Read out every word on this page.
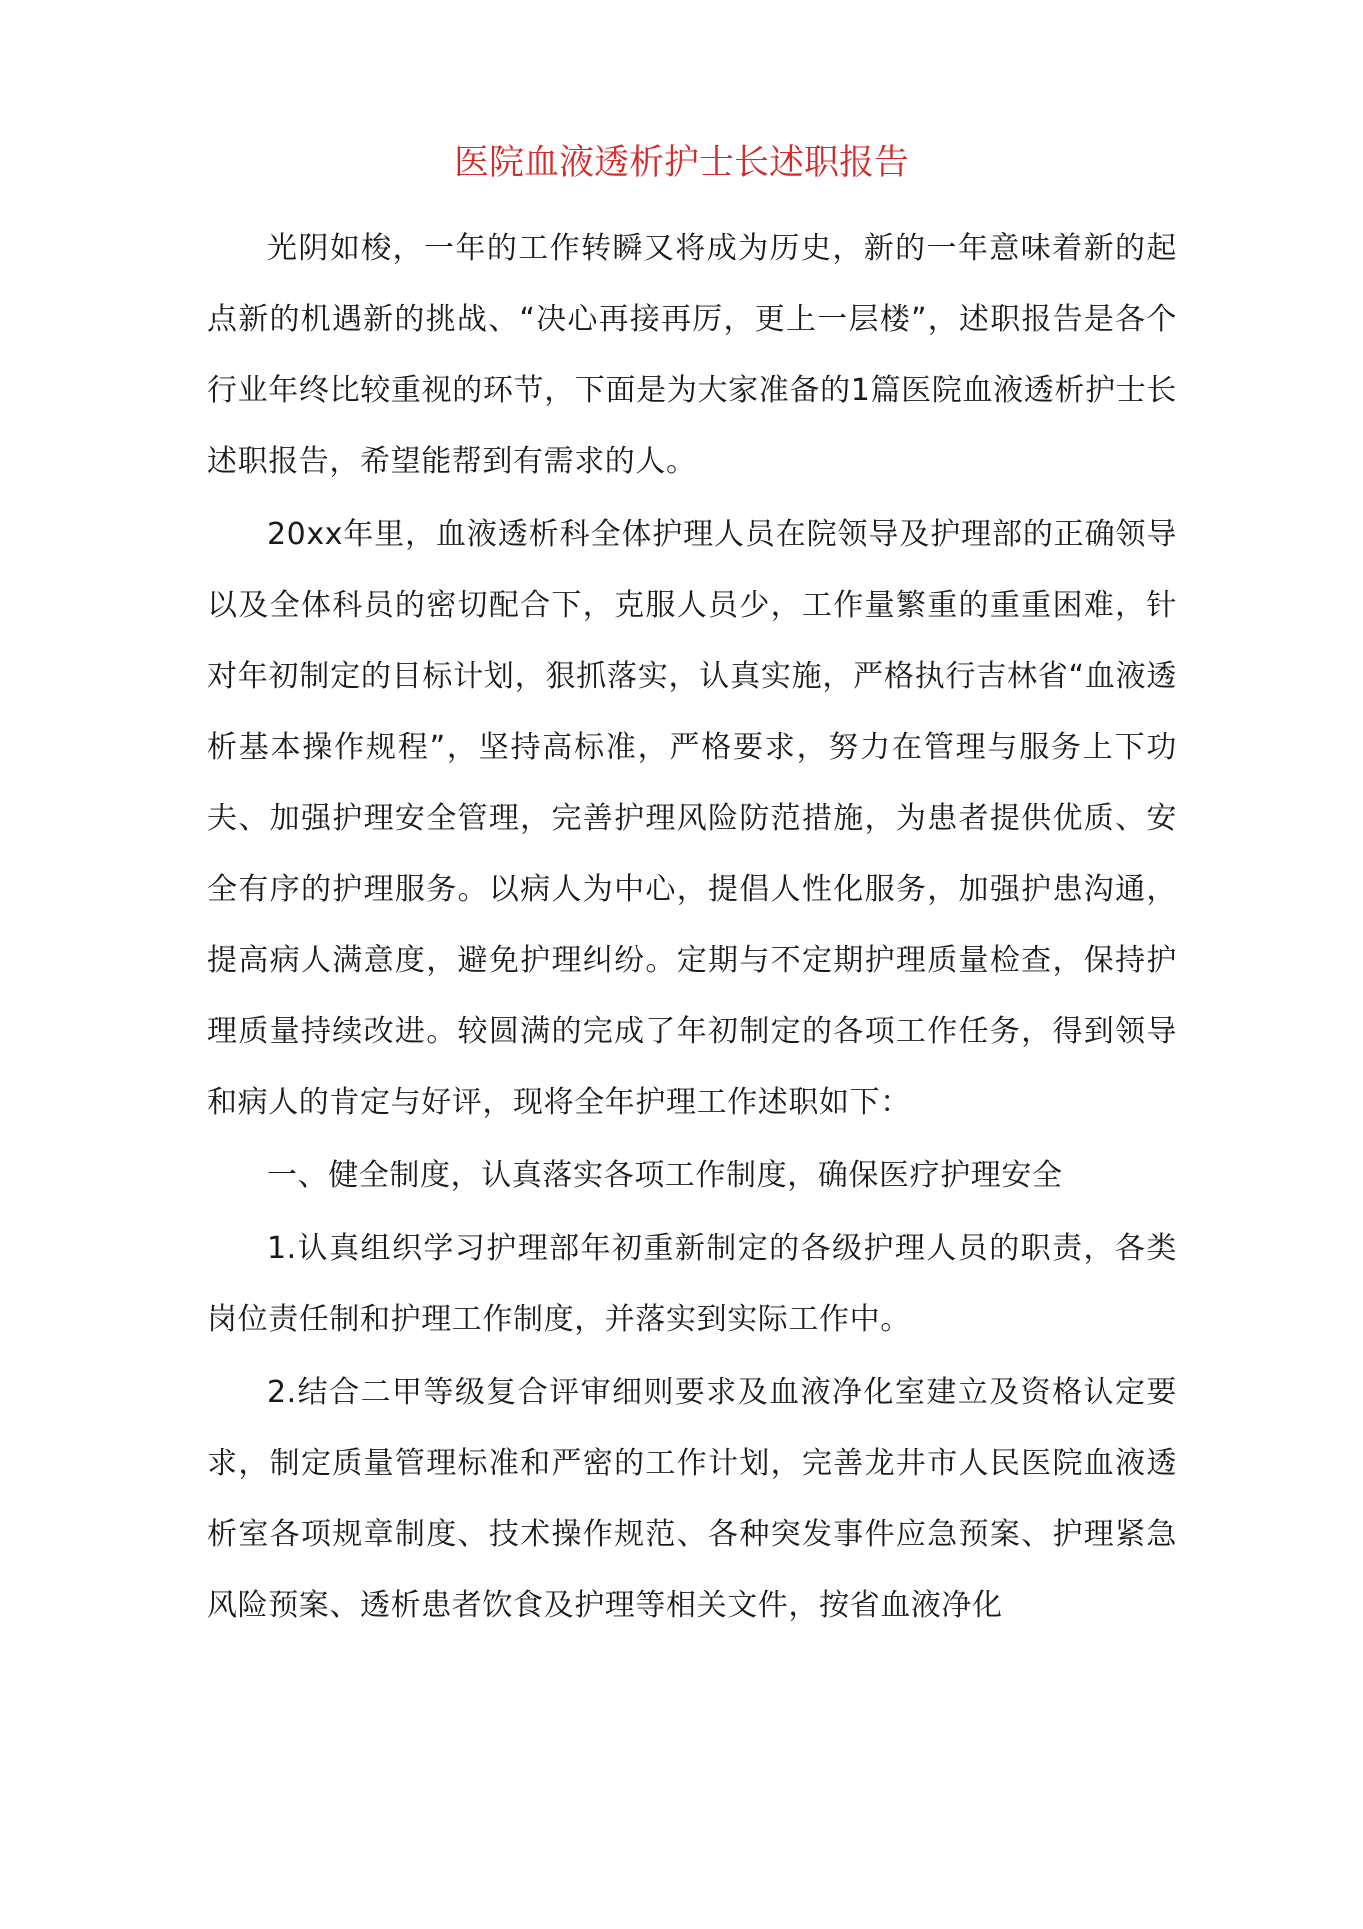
医院血液透析护士长述职报告

光阴如梭，一年的工作转瞬又将成为历史，新的一年意味着新的起点新的机遇新的挑战、“决心再接再厉，更上一层楼”，述职报告是各个行业年终比较重视的环节，下面是为大家准备的1篇医院血液透析护士长述职报告，希望能帮到有需求的人。

20xx年里，血液透析科全体护理人员在院领导及护理部的正确领导以及全体科员的密切配合下，克服人员少，工作量繁重的重重困难，针对年初制定的目标计划，狠抓落实，认真实施，严格执行吉林省“血液透析基本操作规程”，坚持高标准，严格要求，努力在管理与服务上下功夫、加强护理安全管理，完善护理风险防范措施，为患者提供优质、安全有序的护理服务。以病人为中心，提倡人性化服务，加强护患沟通，提高病人满意度，避免护理纠纷。定期与不定期护理质量检查，保持护理质量持续改进。较圆满的完成了年初制定的各项工作任务，得到领导和病人的肯定与好评，现将全年护理工作述职如下：

一、健全制度，认真落实各项工作制度，确保医疗护理安全

1.认真组织学习护理部年初重新制定的各级护理人员的职责，各类岗位责任制和护理工作制度，并落实到实际工作中。

2.结合二甲等级复合评审细则要求及血液净化室建立及资格认定要求，制定质量管理标准和严密的工作计划，完善龙井市人民医院血液透析室各项规章制度、技术操作规范、各种突发事件应急预案、护理紧急风险预案、透析患者饮食及护理等相关文件，按省血液净化
